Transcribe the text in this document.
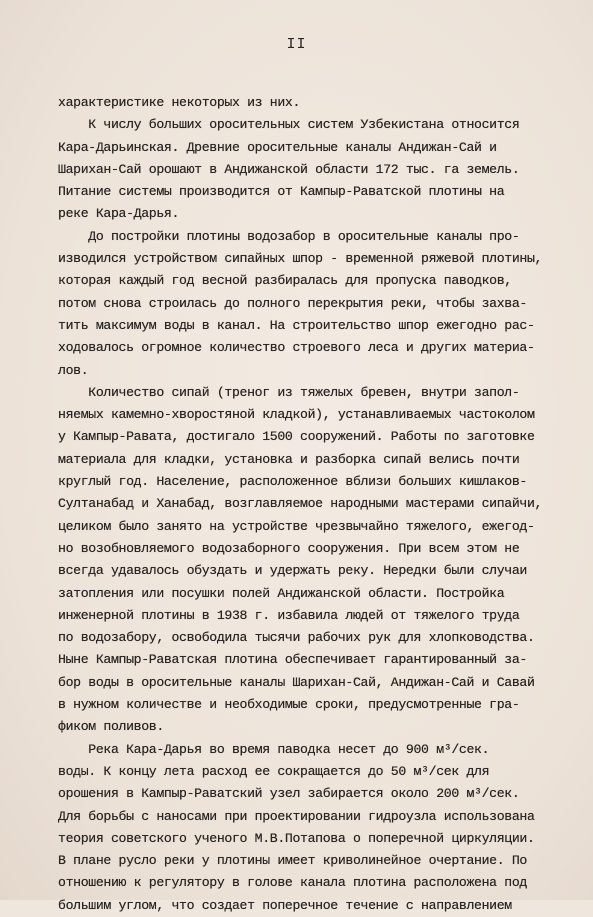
II
характеристике некоторых из них.
К числу больших оросительных систем Узбекистана относится
Кара-Дарьинская. Древние оросительные каналы Андижан-Сай и
Шарихан-Сай орошают в Андижанской области 172 тыс. га земель.
Питание системы производится от Кампыр-Раватской плотины на
реке Кара-Дарья.
До постройки плотины водозабор в оросительные каналы про-
изводился устройством сипайных шпор - временной ряжевой плотины,
которая каждый год весной разбиралась для пропуска паводков,
потом снова строилась до полного перекрытия реки, чтобы захва-
тить максимум воды в канал. На строительство шпор ежегодно рас-
ходовалось огромное количество строевого леса и других материа-
лов.
Количество сипай (треног из тяжелых бревен, внутри запол-
няемых камемно-хворостяной кладкой), устанавливаемых частоколом
у Кампыр-Равата, достигало 1500 сооружений. Работы по заготовке
материала для кладки, установка и разборка сипай велись почти
круглый год. Население, расположенное вблизи больших кишлаков-
Султанабад и Ханабад, возглавляемое народными мастерами сипайчи,
целиком было занято на устройстве чрезвычайно тяжелого, ежегод-
но возобновляемого водозаборного сооружения. При всем этом не
всегда удавалось обуздать и удержать реку. Нередки были случаи
затопления или посушки полей Андижанской области. Постройка
инженерной плотины в 1938 г. избавила людей от тяжелого труда
по водозабору, освободила тысячи рабочих рук для хлопководства.
Ныне Кампыр-Раватская плотина обеспечивает гарантированный за-
бор воды в оросительные каналы Шарихан-Сай, Андижан-Сай и Савай
в нужном количестве и необходимые сроки, предусмотренные гра-
фиком поливов.
Река Кара-Дарья во время паводка несет до 900 м³/сек.
воды. К концу лета расход ее сокращается до 50 м³/сек для
орошения в Кампыр-Раватский узел забирается около 200 м³/сек.
Для борьбы с наносами при проектировании гидроузла использована
теория советского ученого М.В.Потапова о поперечной циркуляции.
В плане русло реки у плотины имеет криволинейное очертание. По
отношению к регулятору в голове канала плотина расположена под
большим углом, что создает поперечное течение с направлением
